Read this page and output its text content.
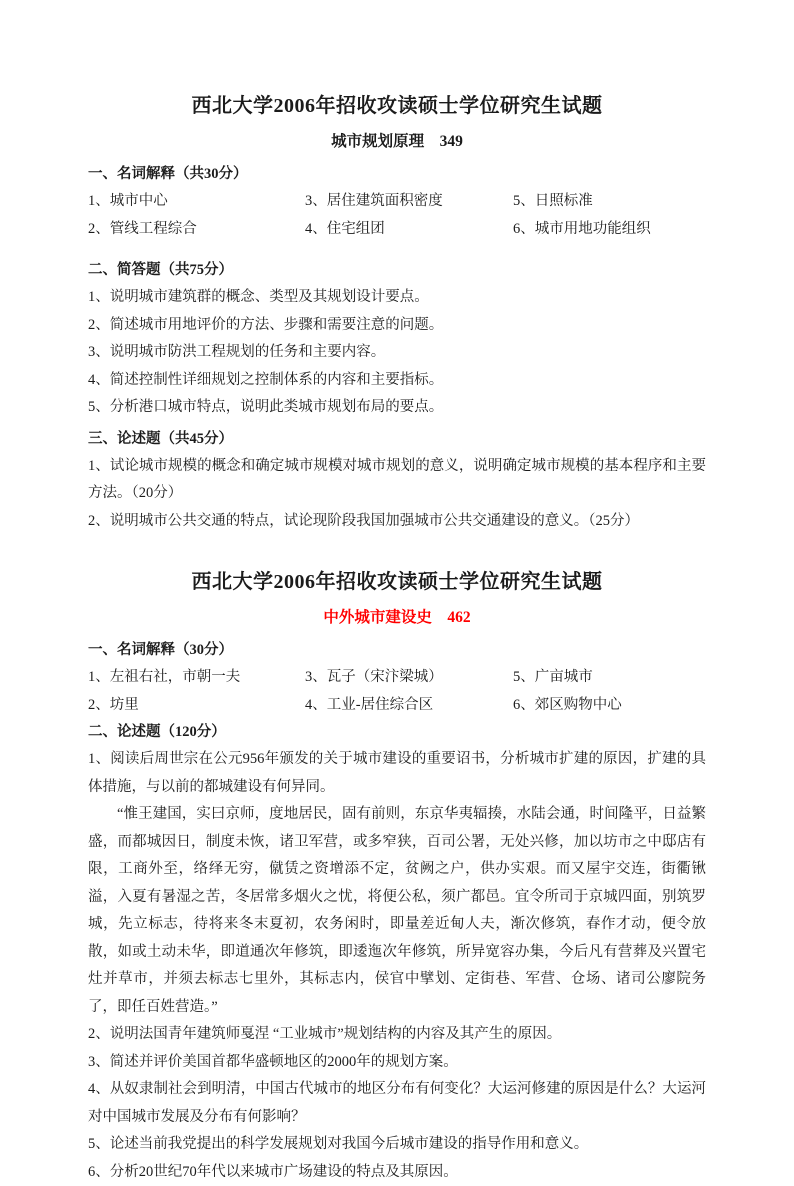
西北大学2006年招收攻读硕士学位研究生试题
城市规划原理　349
一、名词解释（共30分）
1、城市中心	3、居住建筑面积密度	5、日照标准
2、管线工程综合	4、住宅组团	6、城市用地功能组织
二、简答题（共75分）

1、说明城市建筑群的概念、类型及其规划设计要点。

2、简述城市用地评价的方法、步骤和需要注意的问题。

3、说明城市防洪工程规划的任务和主要内容。

4、简述控制性详细规划之控制体系的内容和主要指标。

5、分析港口城市特点，说明此类城市规划布局的要点。

三、论述题（共45分）

1、试论城市规模的概念和确定城市规模对城市规划的意义，说明确定城市规模的基本程序和主要方法。（20分）

2、说明城市公共交通的特点，试论现阶段我国加强城市公共交通建设的意义。（25分）

西北大学2006年招收攻读硕士学位研究生试题
中外城市建设史　462
一、名词解释（30分）
1、左祖右社，市朝一夫	3、瓦子（宋汴梁城）	5、广亩城市
2、坊里	4、工业-居住综合区	6、郊区购物中心
二、论述题（120分）

1、阅读后周世宗在公元956年颁发的关于城市建设的重要诏书，分析城市扩建的原因，扩建的具体措施，与以前的都城建设有何异同。

“惟王建国，实曰京师，度地居民，固有前则，东京华夷辐揍，水陆会通，时间隆平，日益繁盛，而都城因日，制度未恢，诸卫军营，或多窄狭，百司公署，无处兴修，加以坊市之中邸店有限，工商外至，络绎无穷，僦赁之资增添不定，贫阙之户，供办实艰。而又屋宇交连，街衢锹溢，入夏有暑湿之苦，冬居常多烟火之忧，将便公私，须广都邑。宜令所司于京城四面，别筑罗城，先立标志，待将来冬末夏初，农务闲时，即量差近甸人夫，渐次修筑，春作才动，便令放散，如或土动未华，即道通次年修筑，即逶迤次年修筑，所异宽容办集，今后凡有营葬及兴置宅灶并草市，并须去标志七里外，其标志内，侯官中擘划、定街巷、军营、仓场、诸司公廖院务了，即任百姓营造。”

2、说明法国青年建筑师戛涅 “工业城市”规划结构的内容及其产生的原因。

3、简述并评价美国首都华盛顿地区的2000年的规划方案。

4、从奴隶制社会到明清，中国古代城市的地区分布有何变化？大运河修建的原因是什么？大运河对中国城市发展及分布有何影响？

5、论述当前我党提出的科学发展规划对我国今后城市建设的指导作用和意义。

6、分析20世纪70年代以来城市广场建设的特点及其原因。
